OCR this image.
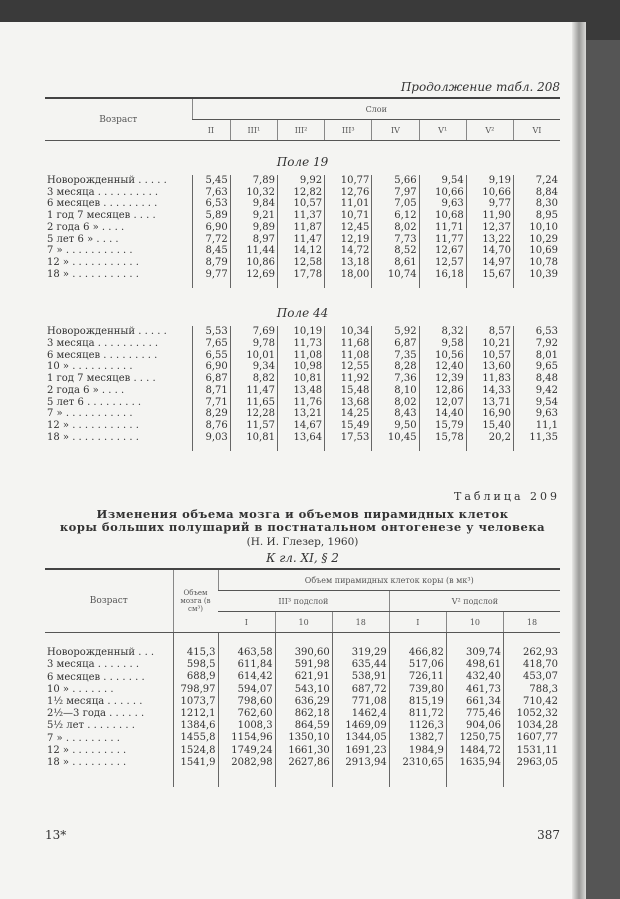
Продолжение табл. 208
Возраст	Слои							
	II	III¹	III²	III³	IV	V¹	V²	VI
Поле 19								
Новорожденный . . . . .	5,45	7,89	9,92	10,77	5,66	9,54	9,19	7,24
3 месяца . . . . . . . . . .	7,63	10,32	12,82	12,76	7,97	10,66	10,66	8,84
6 месяцев . . . . . . . . .	6,53	9,84	10,57	11,01	7,05	9,63	9,77	8,30
1 год 7 месяцев . . . .	5,89	9,21	11,37	10,71	6,12	10,68	11,90	8,95
2 года 6 » . . . .	6,90	9,89	11,87	12,45	8,02	11,71	12,37	10,10
5 лет 6 » . . . .	7,72	8,97	11,47	12,19	7,73	11,77	13,22	10,29
7 » . . . . . . . . . . .	8,45	11,44	14,12	14,72	8,52	12,67	14,70	10,69
12 » . . . . . . . . . . .	8,79	10,86	12,58	13,18	8,61	12,57	14,97	10,78
18 » . . . . . . . . . . .	9,77	12,69	17,78	18,00	10,74	16,18	15,67	10,39

Поле 44								
Новорожденный . . . . .	5,53	7,69	10,19	10,34	5,92	8,32	8,57	6,53
3 месяца . . . . . . . . . .	7,65	9,78	11,73	11,68	6,87	9,58	10,21	7,92
6 месяцев . . . . . . . . .	6,55	10,01	11,08	11,08	7,35	10,56	10,57	8,01
10 » . . . . . . . . . .	6,90	9,34	10,98	12,55	8,28	12,40	13,60	9,65
1 год 7 месяцев . . . .	6,87	8,82	10,81	11,92	7,36	12,39	11,83	8,48
2 года 6 » . . . .	8,71	11,47	13,48	15,48	8,10	12,86	14,33	9,42
5 лет 6 . . . . . . . . .	7,71	11,65	11,76	13,68	8,02	12,07	13,71	9,54
7 » . . . . . . . . . . .	8,29	12,28	13,21	14,25	8,43	14,40	16,90	9,63
12 » . . . . . . . . . . .	8,76	11,57	14,67	15,49	9,50	15,79	15,40	11,1
18 » . . . . . . . . . . .	9,03	10,81	13,64	17,53	10,45	15,78	20,2	11,35

Таблица 209
Изменения объема мозга и объемов пирамидных клеток
коры больших полушарий в постнатальном онтогенезе у человека
(Н. И. Глезер, 1960)
К гл. XI, § 2
Возраст	Объем мозга (в см³)	Объем пирамидных клеток коры (в мк³)					
		III³ подслой			V² подслой		
		I	10	18	I	10	18

Новорожденный . . .	415,3	463,58	390,60	319,29	466,82	309,74	262,93
3 месяца . . . . . . .	598,5	611,84	591,98	635,44	517,06	498,61	418,70
6 месяцев . . . . . . .	688,9	614,42	621,91	538,91	726,11	432,40	453,07
10 » . . . . . . .	798,97	594,07	543,10	687,72	739,80	461,73	788,3
1½ месяца . . . . . .	1073,7	798,60	636,29	771,08	815,19	661,34	710,42
2½—3 года . . . . . .	1212,1	762,60	862,18	1462,4	811,72	775,46	1052,32
5½ лет . . . . . . . .	1384,6	1008,3	864,59	1469,09	1126,3	904,06	1034,28
7 » . . . . . . . . .	1455,8	1154,96	1350,10	1344,05	1382,7	1250,75	1607,77
12 » . . . . . . . . .	1524,8	1749,24	1661,30	1691,23	1984,9	1484,72	1531,11
18 » . . . . . . . . .	1541,9	2082,98	2627,86	2913,94	2310,65	1635,94	2963,05

13*	387
